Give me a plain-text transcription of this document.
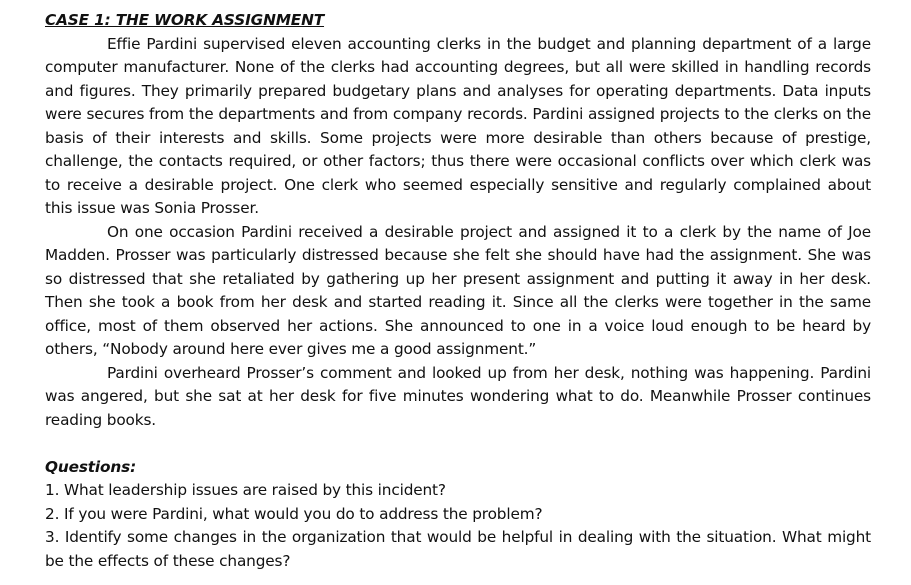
CASE 1: THE WORK ASSIGNMENT

Effie Pardini supervised eleven accounting clerks in the budget and planning department of a large computer manufacturer. None of the clerks had accounting degrees, but all were skilled in handling records and figures. They primarily prepared budgetary plans and analyses for operating departments. Data inputs were secures from the departments and from company records. Pardini assigned projects to the clerks on the basis of their interests and skills. Some projects were more desirable than others because of prestige, challenge, the contacts required, or other factors; thus there were occasional conflicts over which clerk was to receive a desirable project. One clerk who seemed especially sensitive and regularly complained about this issue was Sonia Prosser.

On one occasion Pardini received a desirable project and assigned it to a clerk by the name of Joe Madden. Prosser was particularly distressed because she felt she should have had the assignment. She was so distressed that she retaliated by gathering up her present assignment and putting it away in her desk. Then she took a book from her desk and started reading it. Since all the clerks were together in the same office, most of them observed her actions. She announced to one in a voice loud enough to be heard by others, “Nobody around here ever gives me a good assignment.”

Pardini overheard Prosser’s comment and looked up from her desk, nothing was happening. Pardini was angered, but she sat at her desk for five minutes wondering what to do. Meanwhile Prosser continues reading books.

Questions:

1. What leadership issues are raised by this incident?

2. If you were Pardini, what would you do to address the problem?

3. Identify some changes in the organization that would be helpful in dealing with the situation. What might be the effects of these changes?
